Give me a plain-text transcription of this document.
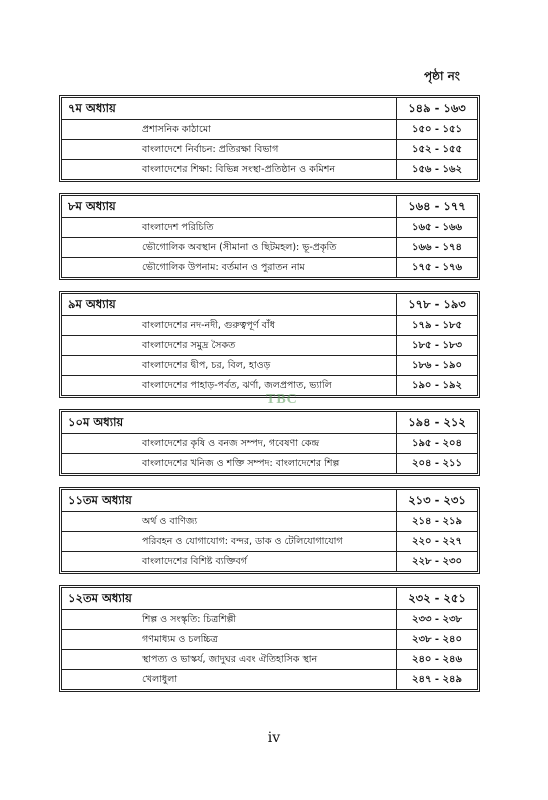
পৃষ্ঠা নং
৭ম অধ্যায়	১৪৯ - ১৬৩
প্রশাসনিক কাঠামো	১৫০ - ১৫১
বাংলাদেশে নির্বাচন: প্রতিরক্ষা বিভাগ	১৫২ - ১৫৫
বাংলাদেশের শিক্ষা: বিভিন্ন সংস্থা-প্রতিষ্ঠান ও কমিশন	১৫৬ - ১৬২
৮ম অধ্যায়	১৬৪ - ১৭৭
বাংলাদেশ পরিচিতি	১৬৫ - ১৬৬
ভৌগোলিক অবস্থান (সীমানা ও ছিটমহল): ভূ-প্রকৃতি	১৬৬ - ১৭৪
ভৌগোলিক উপনাম: বর্তমান ও পুরাতন নাম	১৭৫ - ১৭৬
৯ম অধ্যায়	১৭৮ - ১৯৩
বাংলাদেশের নদ-নদী, গুরুত্বপূর্ণ বাঁধ	১৭৯ - ১৮৫
বাংলাদেশের সমুদ্র সৈকত	১৮৫ - ১৮৩
বাংলাদেশের দ্বীপ, চর, বিল, হাওড়	১৮৬ - ১৯০
বাংলাদেশের পাহাড়-পর্বত, ঝর্ণা, জলপ্রপাত, ভ্যালি	১৯০ - ১৯২
১০ম অধ্যায়	১৯৪ - ২১২
বাংলাদেশের কৃষি ও বনজ সম্পদ, গবেষণা কেন্দ্র	১৯৫ - ২০৪
বাংলাদেশের খনিজ ও শক্তি সম্পদ: বাংলাদেশের শিল্প	২০৪ - ২১১
১১তম অধ্যায়	২১৩ - ২৩১
অর্থ ও বাণিজ্য	২১৪ - ২১৯
পরিবহন ও যোগাযোগ: বন্দর, ডাক ও টেলিযোগাযোগ	২২০ - ২২৭
বাংলাদেশের বিশিষ্ট ব্যক্তিবর্গ	২২৮ - ২৩০
১২তম অধ্যায়	২৩২ - ২৫১
শিল্প ও সংস্কৃতি: চিত্রশিল্পী	২৩৩ - ২৩৮
গণমাধ্যম ও চলচ্চিত্র	২৩৮ - ২৪০
স্থাপত্য ও ভাস্কর্য, জাদুঘর এবং ঐতিহাসিক স্থান	২৪০ - ২৪৬
খেলাধুলা	২৪৭ - ২৪৯
TBC
iv
